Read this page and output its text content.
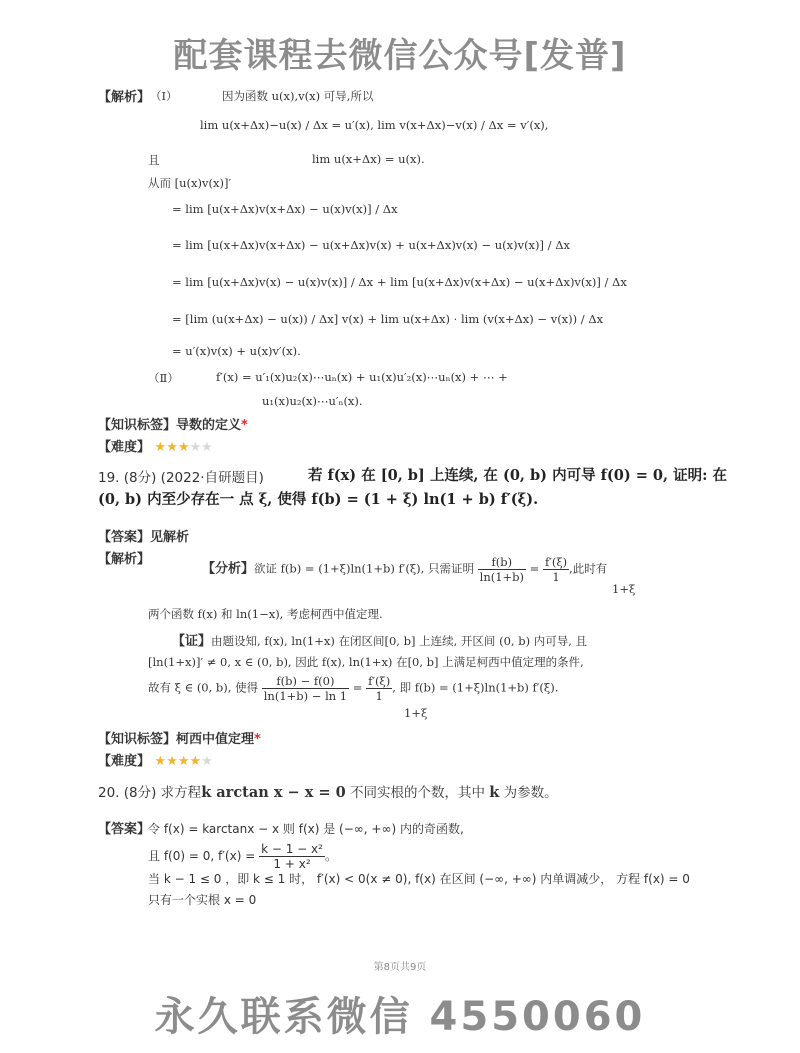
配套课程去微信公众号[发普]
【解析】 （Ⅰ）	因为函数 u(x),v(x) 可导,所以
lim u(x+Δx)−u(x) / Δx = u′(x), lim v(x+Δx)−v(x) / Δx = v′(x),
且	lim u(x+Δx) = u(x).
从而 [u(x)v(x)]′
= lim [u(x+Δx)v(x+Δx) − u(x)v(x)] / Δx
= lim [u(x+Δx)v(x+Δx) − u(x+Δx)v(x) + u(x+Δx)v(x) − u(x)v(x)] / Δx
= lim [u(x+Δx)v(x) − u(x)v(x)] / Δx + lim [u(x+Δx)v(x+Δx) − u(x+Δx)v(x)] / Δx
= [lim (u(x+Δx) − u(x)) / Δx] v(x) + lim u(x+Δx) · lim (v(x+Δx) − v(x)) / Δx
= u′(x)v(x) + u(x)v′(x).
（Ⅱ）	f′(x) = u′₁(x)u₂(x)⋯uₙ(x) + u₁(x)u′₂(x)⋯uₙ(x) + ⋯ +
u₁(x)u₂(x)⋯u′ₙ(x).
【知识标签】导数的定义*
【难度】 ★★★★★
19. (8分) (2022·自研题目)	若 f(x) 在 [0, b] 上连续, 在 (0, b) 内可导 f(0) = 0, 证明: 在
(0, b) 内至少存在一 点 ξ, 使得 f(b) = (1 + ξ) ln(1 + b) f′(ξ).
【答案】见解析
【解析】
【分析】欲证 f(b) = (1+ξ)ln(1+b) f′(ξ), 只需证明 $\frac{f(b)}{\ln(1+b)} = \frac{f'(\xi)}{1}$ ,此时有
1+ξ
两个函数 f(x) 和 ln(1−x), 考虑柯西中值定理.
【证】由题设知, f(x), ln(1+x) 在闭区间[0, b] 上连续, 开区间 (0, b) 内可导, 且
[ln(1+x)]′ ≠ 0, x ∈ (0, b), 因此 f(x), ln(1+x) 在[0, b] 上满足柯西中值定理的条件,
故有 ξ ∈ (0, b), 使得 $\frac{f(b) - f(0)}{\ln(1+b) - \ln 1} = \frac{f'(\xi)}{1}$ , 即 f(b) = (1+ξ)ln(1+b) f′(ξ).
1+ξ
【知识标签】柯西中值定理*
【难度】 ★★★★★
20. (8分) 求方程k arctan x − x = 0 不同实根的个数，其中 k 为参数。
【答案】
令 f(x) = karctanx − x 则 f(x) 是 (−∞, +∞) 内的奇函数,
且 f(0) = 0, $f'(x) = \frac{\text{k − 1 − x²}}{\text{1 + x²}}$ 。
当 k − 1 ≤ 0 ，即 k ≤ 1 时， f′(x) < 0(x ≠ 0), f(x) 在区间 (−∞, +∞) 内单调减少， 方程 f(x) = 0
只有一个实根 x = 0
第8页共9页
永久联系微信 4550060
